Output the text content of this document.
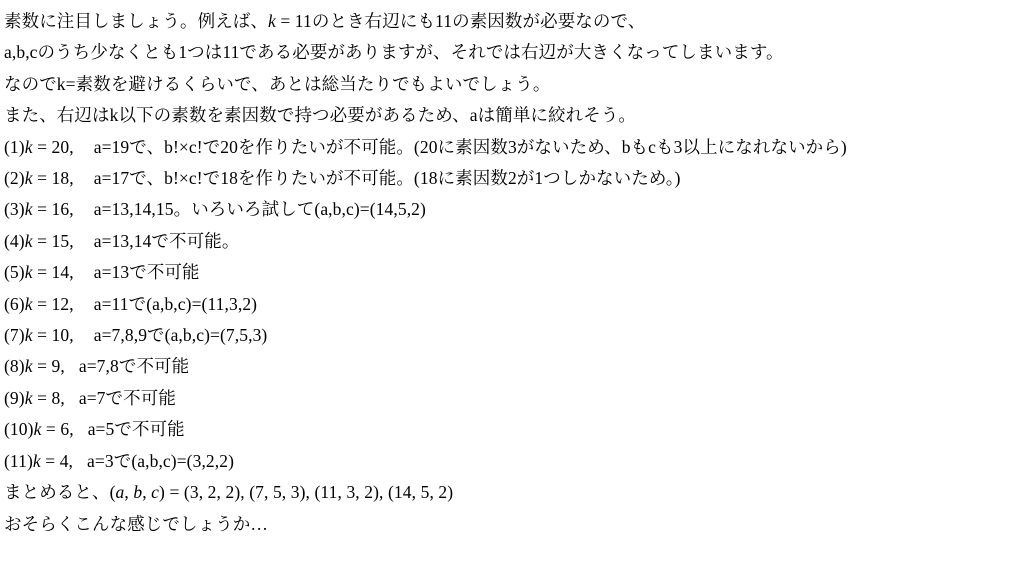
素数に注目しましょう。例えば、k = 11のとき右辺にも11の素因数が必要なので、
a,b,cのうち少なくとも1つは11である必要がありますが、それでは右辺が大きくなってしまいます。
なのでk=素数を避けるくらいで、あとは総当たりでもよいでしょう。
また、右辺はk以下の素数を素因数で持つ必要があるため、aは簡単に絞れそう。
(1)k = 20, a=19で、b!×c!で20を作りたいが不可能。(20に素因数3がないため、bもcも3以上になれないから)
(2)k = 18, a=17で、b!×c!で18を作りたいが不可能。(18に素因数2が1つしかないため。)
(3)k = 16, a=13,14,15。いろいろ試して(a,b,c)=(14,5,2)
(4)k = 15, a=13,14で不可能。
(5)k = 14, a=13で不可能
(6)k = 12, a=11で(a,b,c)=(11,3,2)
(7)k = 10, a=7,8,9で(a,b,c)=(7,5,3)
(8)k = 9, a=7,8で不可能
(9)k = 8, a=7で不可能
(10)k = 6, a=5で不可能
(11)k = 4, a=3で(a,b,c)=(3,2,2)
まとめると、(a, b, c) = (3, 2, 2), (7, 5, 3), (11, 3, 2), (14, 5, 2)
おそらくこんな感じでしょうか…
